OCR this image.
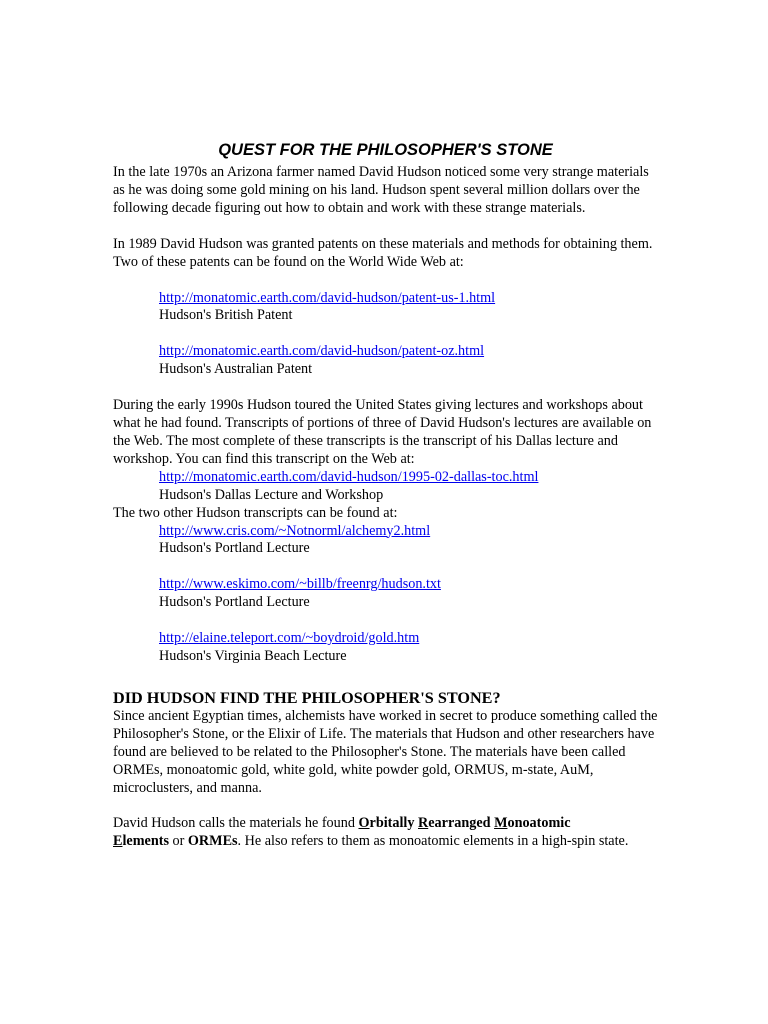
QUEST FOR THE PHILOSOPHER'S STONE

In the late 1970s an Arizona farmer named David Hudson noticed some very strange materials as he was doing some gold mining on his land. Hudson spent several million dollars over the following decade figuring out how to obtain and work with these strange materials.

In 1989 David Hudson was granted patents on these materials and methods for obtaining them. Two of these patents can be found on the World Wide Web at:

http://monatomic.earth.com/david-hudson/patent-us-1.html
Hudson's British Patent
http://monatomic.earth.com/david-hudson/patent-oz.html
Hudson's Australian Patent

During the early 1990s Hudson toured the United States giving lectures and workshops about what he had found. Transcripts of portions of three of David Hudson's lectures are available on the Web. The most complete of these transcripts is the transcript of his Dallas lecture and workshop. You can find this transcript on the Web at:

http://monatomic.earth.com/david-hudson/1995-02-dallas-toc.html
Hudson's Dallas Lecture and Workshop

The two other Hudson transcripts can be found at:

http://www.cris.com/~Notnorml/alchemy2.html
Hudson's Portland Lecture
http://www.eskimo.com/~billb/freenrg/hudson.txt
Hudson's Portland Lecture
http://elaine.teleport.com/~boydroid/gold.htm
Hudson's Virginia Beach Lecture
DID HUDSON FIND THE PHILOSOPHER'S STONE?

Since ancient Egyptian times, alchemists have worked in secret to produce something called the Philosopher's Stone, or the Elixir of Life. The materials that Hudson and other researchers have found are believed to be related to the Philosopher's Stone. The materials have been called ORMEs, monoatomic gold, white gold, white powder gold, ORMUS, m-state, AuM, microclusters, and manna.

David Hudson calls the materials he found Orbitally Rearranged Monoatomic
Elements or ORMEs. He also refers to them as monoatomic elements in a high-spin state.
